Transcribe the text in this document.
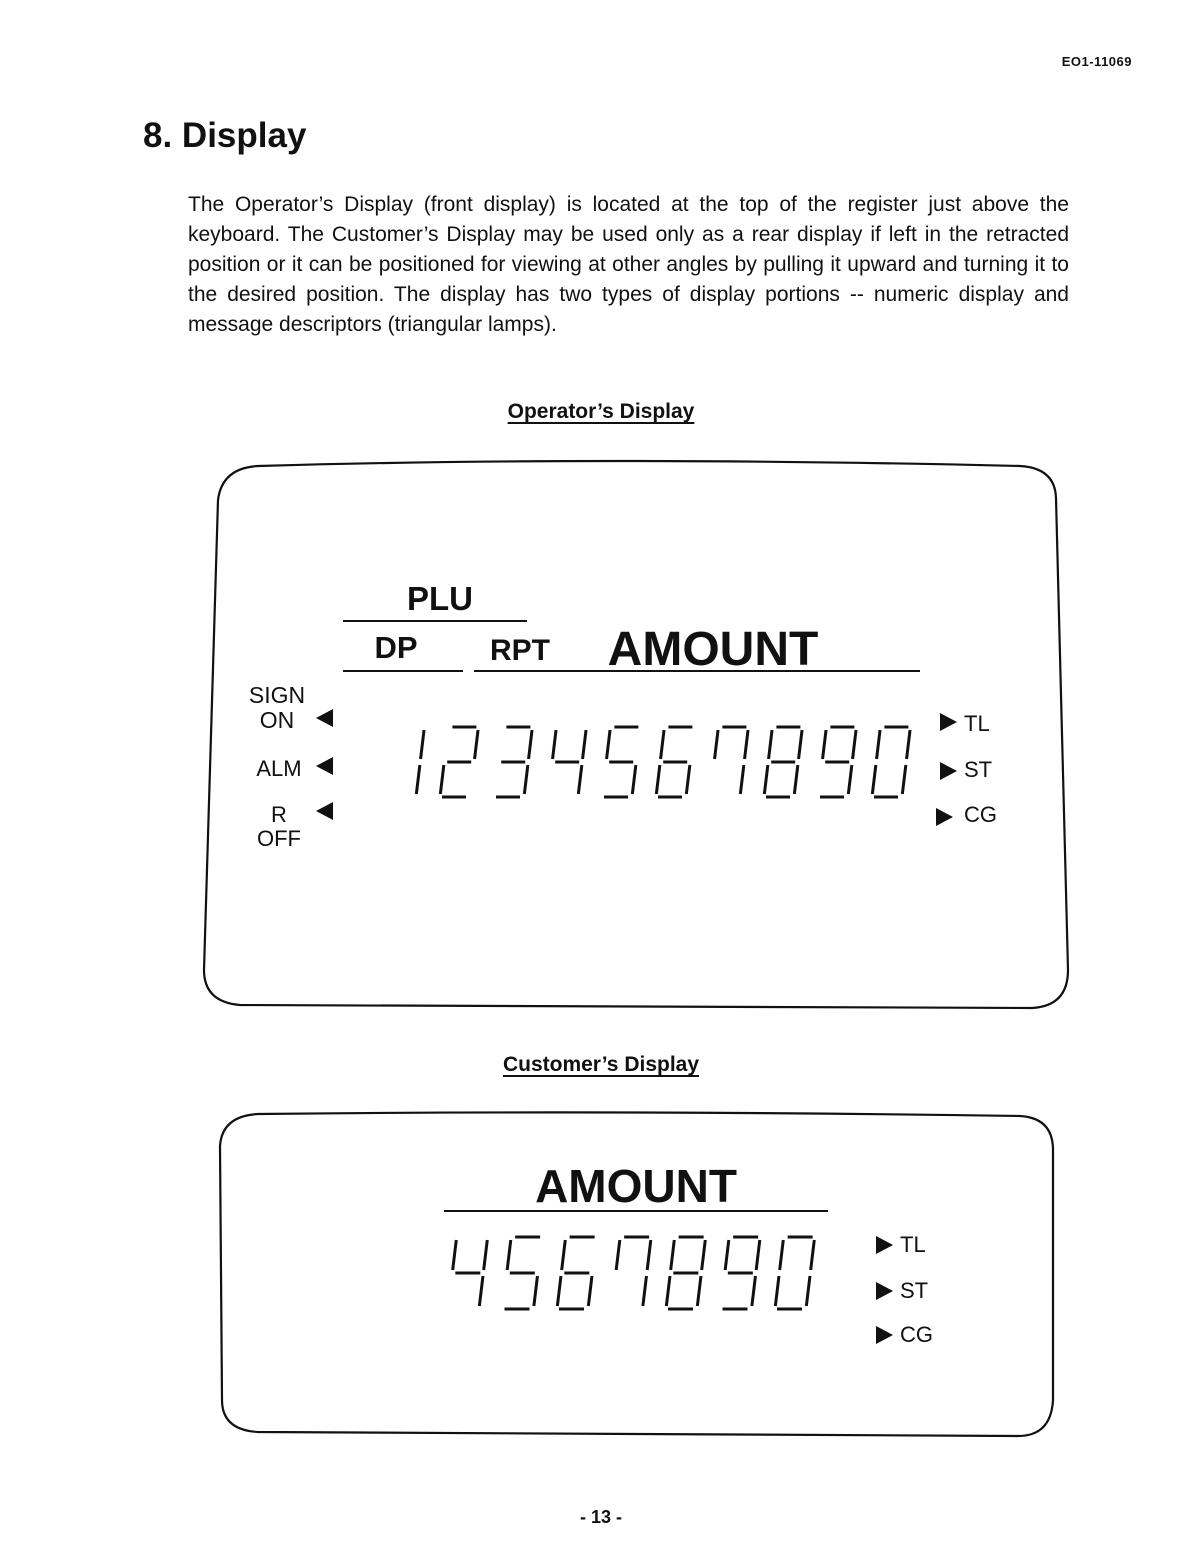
EO1-11069
8. Display

The Operator’s Display (front display) is located at the top of the register just above the keyboard. The Customer’s Display may be used only as a rear display if left in the retracted position or it can be positioned for viewing at other angles by pulling it upward and turning it to the desired position. The display has two types of display portions -- numeric display and message descriptors (triangular lamps).

Operator’s Display
PLU
DP RPT AMOUNT
SIGN
ON
ALM
R
OFF
TL
ST
CG
Customer’s Display
AMOUNT
TL
ST
CG
- 13 -
